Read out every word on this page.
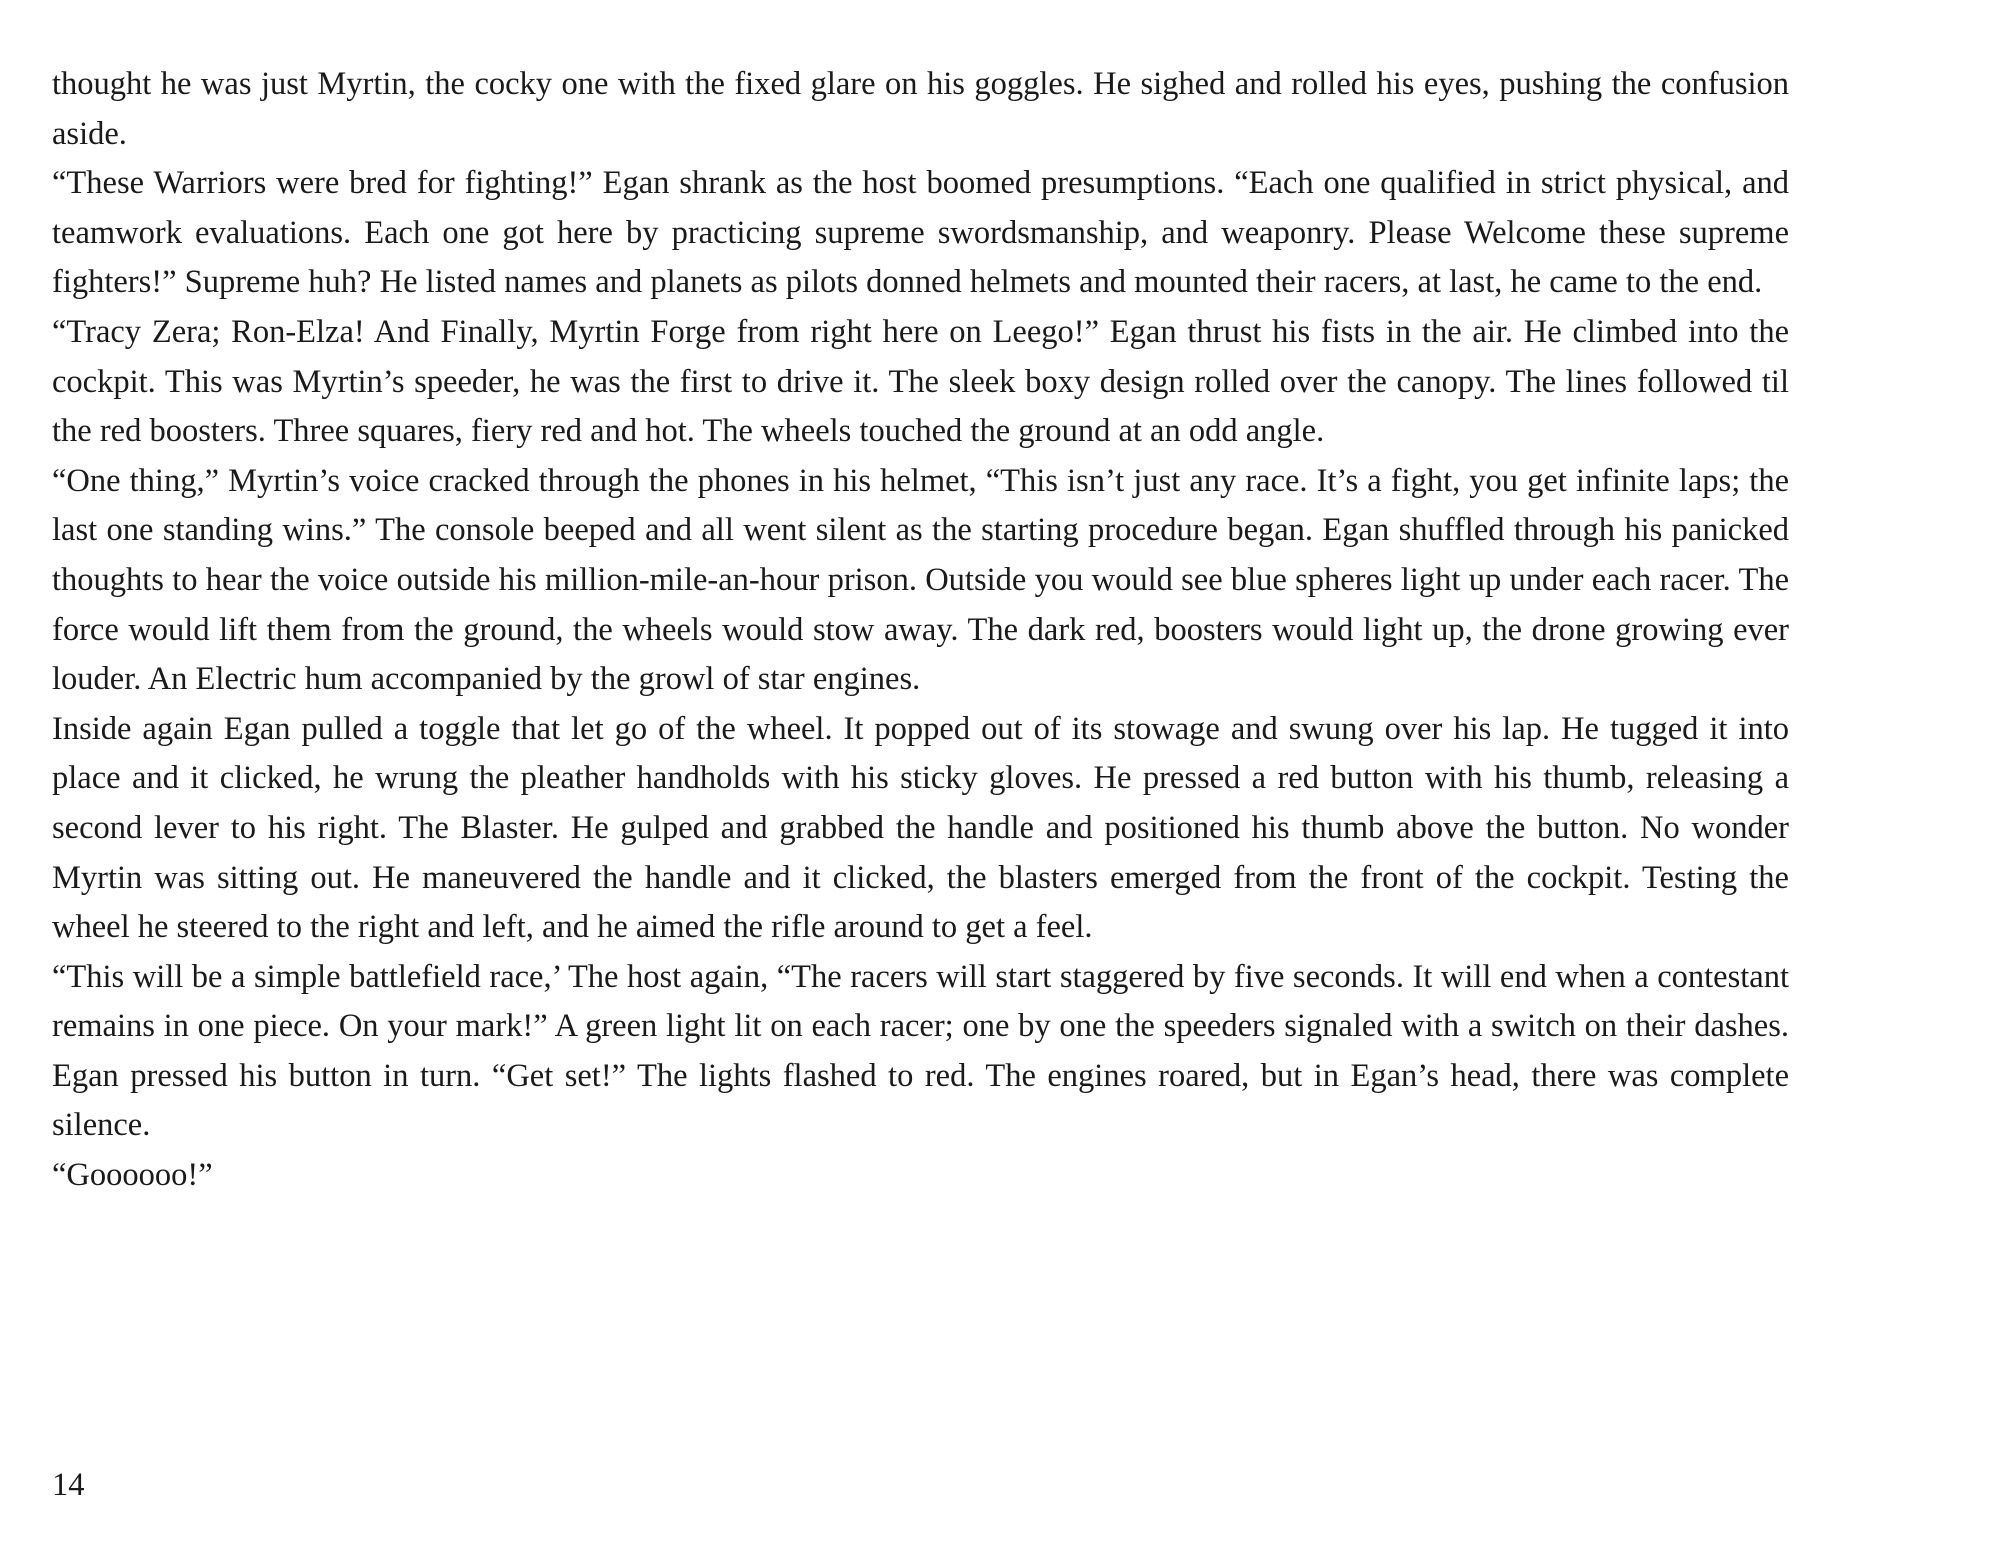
thought he was just Myrtin, the cocky one with the fixed glare on his goggles. He sighed and rolled his eyes, pushing the confusion aside.

“These Warriors were bred for fighting!” Egan shrank as the host boomed presumptions. “Each one qualified in strict physical, and teamwork evaluations. Each one got here by practicing supreme swordsmanship, and weaponry. Please Welcome these supreme fighters!” Supreme huh? He listed names and planets as pilots donned helmets and mounted their racers, at last, he came to the end.

“Tracy Zera; Ron-Elza! And Finally, Myrtin Forge from right here on Leego!” Egan thrust his fists in the air. He climbed into the cockpit. This was Myrtin’s speeder, he was the first to drive it. The sleek boxy design rolled over the canopy. The lines followed til the red boosters. Three squares, fiery red and hot. The wheels touched the ground at an odd angle.

“One thing,” Myrtin’s voice cracked through the phones in his helmet, “This isn’t just any race. It’s a fight, you get infinite laps; the last one standing wins.” The console beeped and all went silent as the starting procedure began. Egan shuffled through his panicked thoughts to hear the voice outside his million-mile-an-hour prison. Outside you would see blue spheres light up under each racer. The force would lift them from the ground, the wheels would stow away. The dark red, boosters would light up, the drone growing ever louder. An Electric hum accompanied by the growl of star engines.

Inside again Egan pulled a toggle that let go of the wheel. It popped out of its stowage and swung over his lap. He tugged it into place and it clicked, he wrung the pleather handholds with his sticky gloves. He pressed a red button with his thumb, releasing a second lever to his right. The Blaster. He gulped and grabbed the handle and positioned his thumb above the button. No wonder Myrtin was sitting out. He maneuvered the handle and it clicked, the blasters emerged from the front of the cockpit. Testing the wheel he steered to the right and left, and he aimed the rifle around to get a feel.

“This will be a simple battlefield race,’ The host again, “The racers will start staggered by five seconds. It will end when a contestant remains in one piece. On your mark!” A green light lit on each racer; one by one the speeders signaled with a switch on their dashes. Egan pressed his button in turn. “Get set!” The lights flashed to red. The engines roared, but in Egan’s head, there was complete silence.

“Goooooo!”

14
